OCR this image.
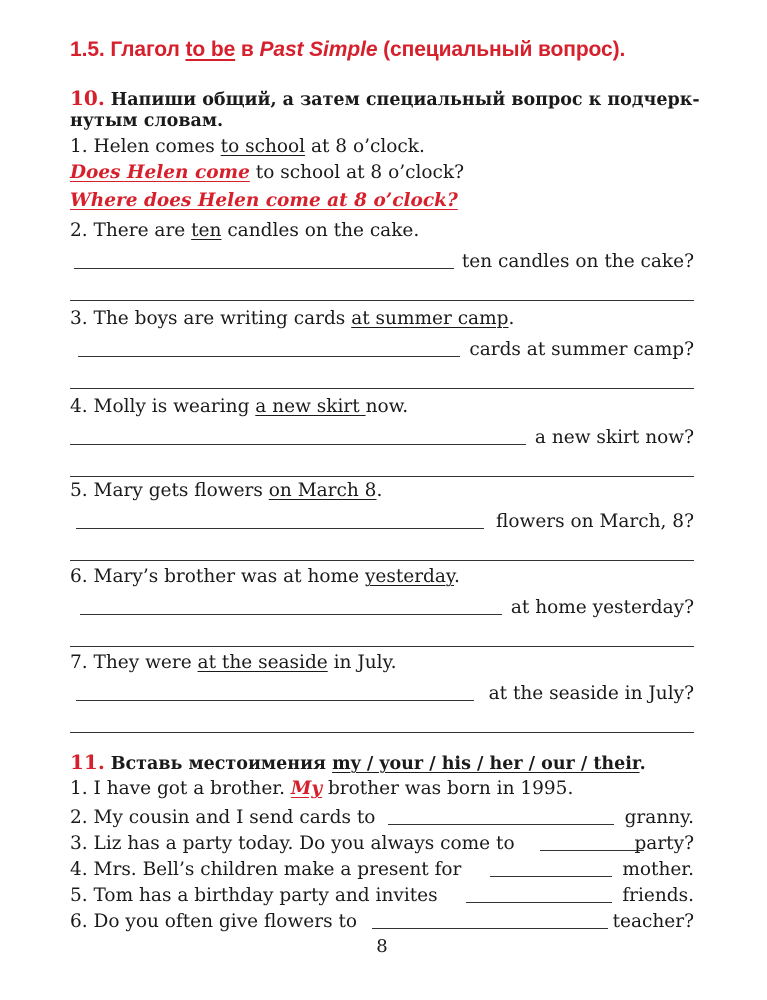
1.5. Глагол to be в Past Simple (специальный вопрос).
10. Напиши общий, а затем специальный вопрос к подчерк-
нутым словам.
1. Helen comes to school at 8 o’clock.
Does Helen come to school at 8 o’clock?
Where does Helen come at 8 o’clock?
2. There are ten candles on the cake.
ten candles on the cake?
3. The boys are writing cards at summer camp.
cards at summer camp?
4. Molly is wearing a new skirt now.
a new skirt now?
5. Mary gets flowers on March 8.
flowers on March, 8?
6. Mary’s brother was at home yesterday.
at home yesterday?
7. They were at the seaside in July.
at the seaside in July?
11. Вставь местоимения my / your / his / her / our / their.
1. I have got a brother. My brother was born in 1995.
2. My cousin and I send cards to	granny.
3. Liz has a party today. Do you always come to	party?
4. Mrs. Bell’s children make a present for	mother.
5. Tom has a birthday party and invites	friends.
6. Do you often give flowers to	teacher?
8
